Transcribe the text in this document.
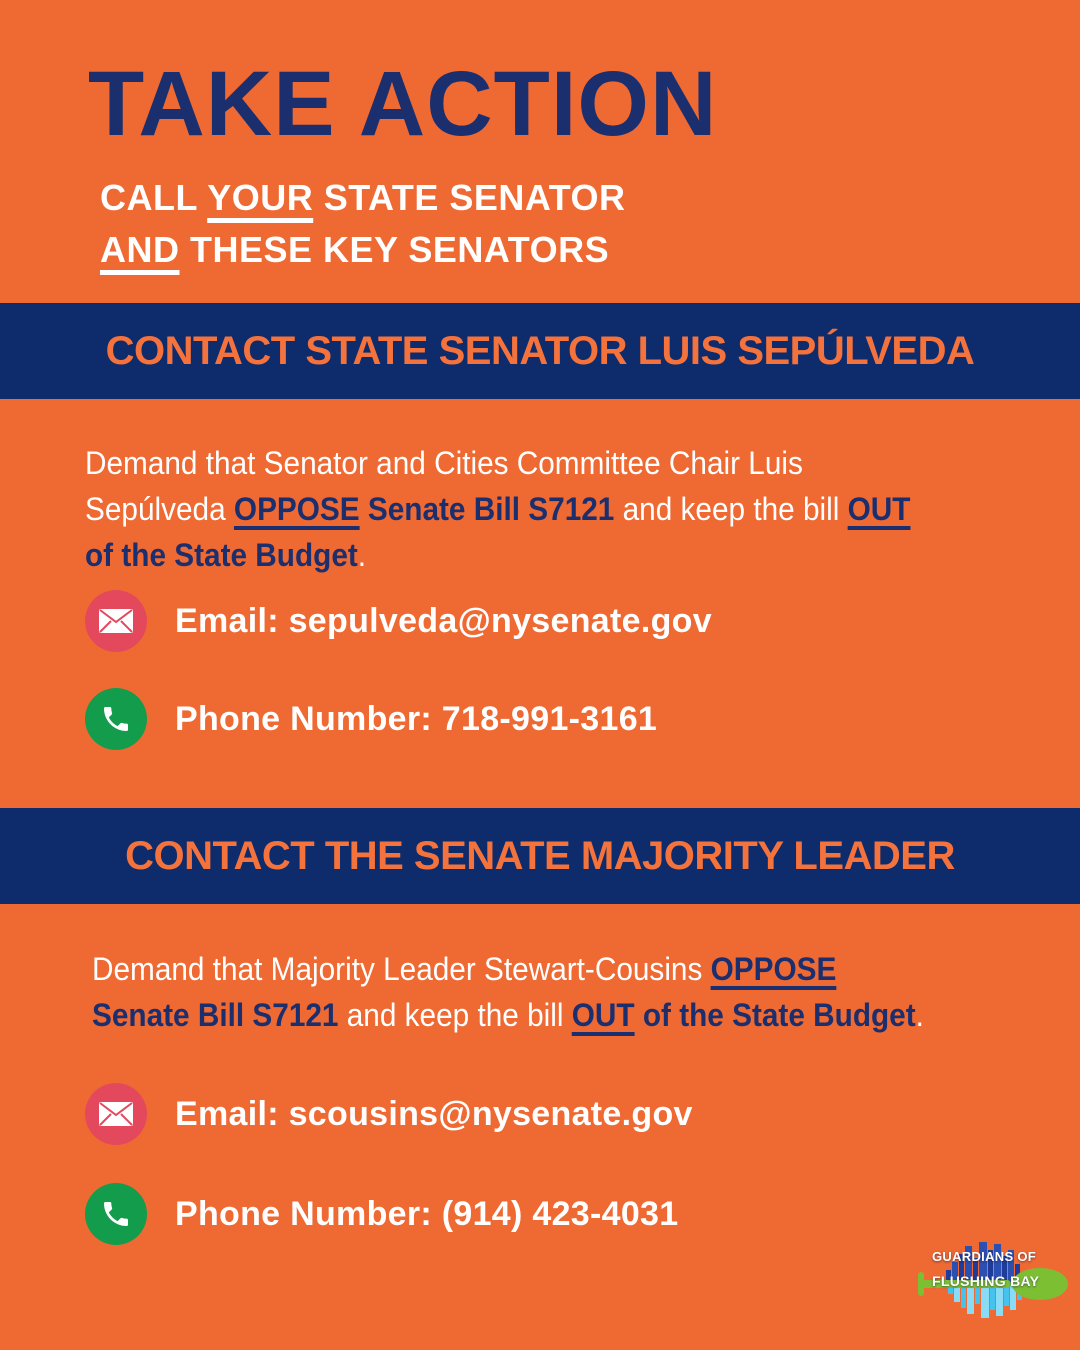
TAKE ACTION
CALL YOUR STATE SENATOR
AND THESE KEY SENATORS
CONTACT STATE SENATOR LUIS SEPÚLVEDA
Demand that Senator and Cities Committee Chair Luis
Sepúlveda OPPOSE Senate Bill S7121 and keep the bill OUT
of the State Budget.
Email: sepulveda@nysenate.gov
Phone Number: 718-991-3161
CONTACT THE SENATE MAJORITY LEADER
Demand that Majority Leader Stewart-Cousins OPPOSE
Senate Bill S7121 and keep the bill OUT of the State Budget.
Email: scousins@nysenate.gov
Phone Number: (914) 423-4031
GUARDIANS OF
FLUSHING BAY
